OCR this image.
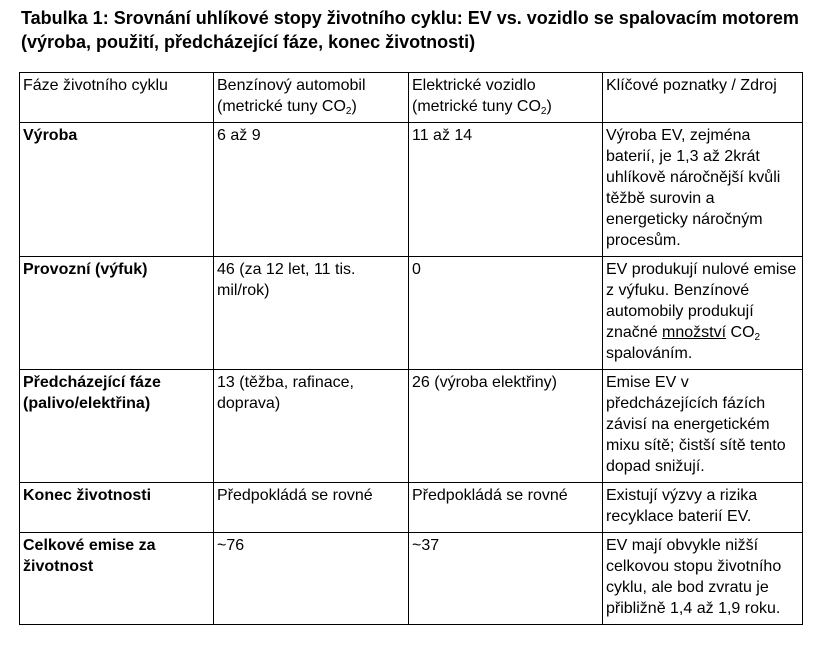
Tabulka 1: Srovnání uhlíkové stopy životního cyklu: EV vs. vozidlo se spalovacím motorem (výroba, použití, předcházející fáze, konec životnosti)
Fáze životního cyklu	Benzínový automobil (metrické tuny $CO_2$)	Elektrické vozidlo (metrické tuny $CO_2$)	Klíčové poznatky / Zdroj
Výroba	6 až 9	11 až 14	Výroba EV, zejména baterií, je 1,3 až 2krát uhlíkově náročnější kvůli těžbě surovin a energeticky náročným procesům.
Provozní (výfuk)	46 (za 12 let, 11 tis. mil/rok)	0	EV produkují nulové emise z výfuku. Benzínové automobily produkují značné množství $CO_2$ spalováním.
Předcházející fáze (palivo/elektřina)	13 (těžba, rafinace, doprava)	26 (výroba elektřiny)	Emise EV v předcházejících fázích závisí na energetickém mixu sítě; čistší sítě tento dopad snižují.
Konec životnosti	Předpokládá se rovné	Předpokládá se rovné	Existují výzvy a rizika recyklace baterií EV.
Celkové emise za životnost	~76	~37	EV mají obvykle nižší celkovou stopu životního cyklu, ale bod zvratu je přibližně 1,4 až 1,9 roku.
